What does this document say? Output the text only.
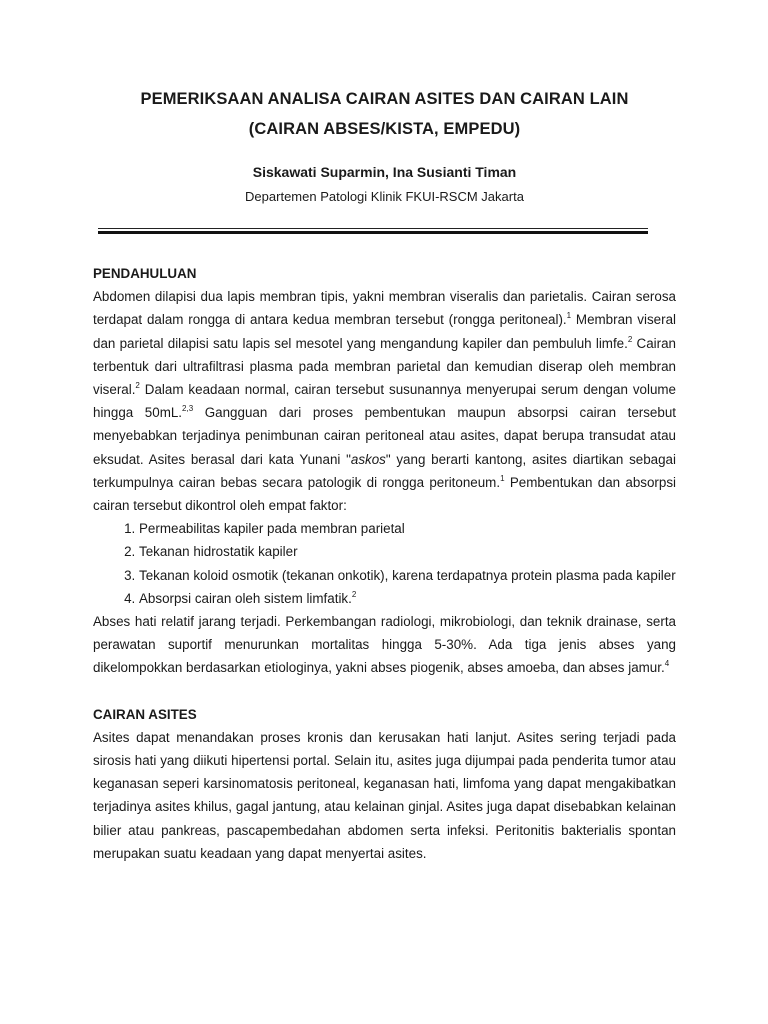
PEMERIKSAAN ANALISA CAIRAN ASITES DAN CAIRAN LAIN

(CAIRAN ABSES/KISTA, EMPEDU)

Siskawati Suparmin, Ina Susianti Timan

Departemen Patologi Klinik FKUI-RSCM Jakarta

PENDAHULUAN

Abdomen dilapisi dua lapis membran tipis, yakni membran viseralis dan parietalis. Cairan serosa terdapat dalam rongga di antara kedua membran tersebut (rongga peritoneal).$^1$ Membran viseral dan parietal dilapisi satu lapis sel mesotel yang mengandung kapiler dan pembuluh limfe.$^2$ Cairan terbentuk dari ultrafiltrasi plasma pada membran parietal dan kemudian diserap oleh membran viseral.$^2$ Dalam keadaan normal, cairan tersebut susunannya menyerupai serum dengan volume hingga 50mL.$^{2,3}$ Gangguan dari proses pembentukan maupun absorpsi cairan tersebut menyebabkan terjadinya penimbunan cairan peritoneal atau asites, dapat berupa transudat atau eksudat. Asites berasal dari kata Yunani "askos" yang berarti kantong, asites diartikan sebagai terkumpulnya cairan bebas secara patologik di rongga peritoneum.$^1$ Pembentukan dan absorpsi cairan tersebut dikontrol oleh empat faktor:

1. Permeabilitas kapiler pada membran parietal
2. Tekanan hidrostatik kapiler
3. Tekanan koloid osmotik (tekanan onkotik), karena terdapatnya protein plasma pada kapiler
4. Absorpsi cairan oleh sistem limfatik.$^2$

Abses hati relatif jarang terjadi. Perkembangan radiologi, mikrobiologi, dan teknik drainase, serta perawatan suportif menurunkan mortalitas hingga 5-30%. Ada tiga jenis abses yang dikelompokkan berdasarkan etiologinya, yakni abses piogenik, abses amoeba, dan abses jamur.$^4$

CAIRAN ASITES

Asites dapat menandakan proses kronis dan kerusakan hati lanjut. Asites sering terjadi pada sirosis hati yang diikuti hipertensi portal. Selain itu, asites juga dijumpai pada penderita tumor atau keganasan seperi karsinomatosis peritoneal, keganasan hati, limfoma yang dapat mengakibatkan terjadinya asites khilus, gagal jantung, atau kelainan ginjal. Asites juga dapat disebabkan kelainan bilier atau pankreas, pascapembedahan abdomen serta infeksi. Peritonitis bakterialis spontan merupakan suatu keadaan yang dapat menyertai asites.
